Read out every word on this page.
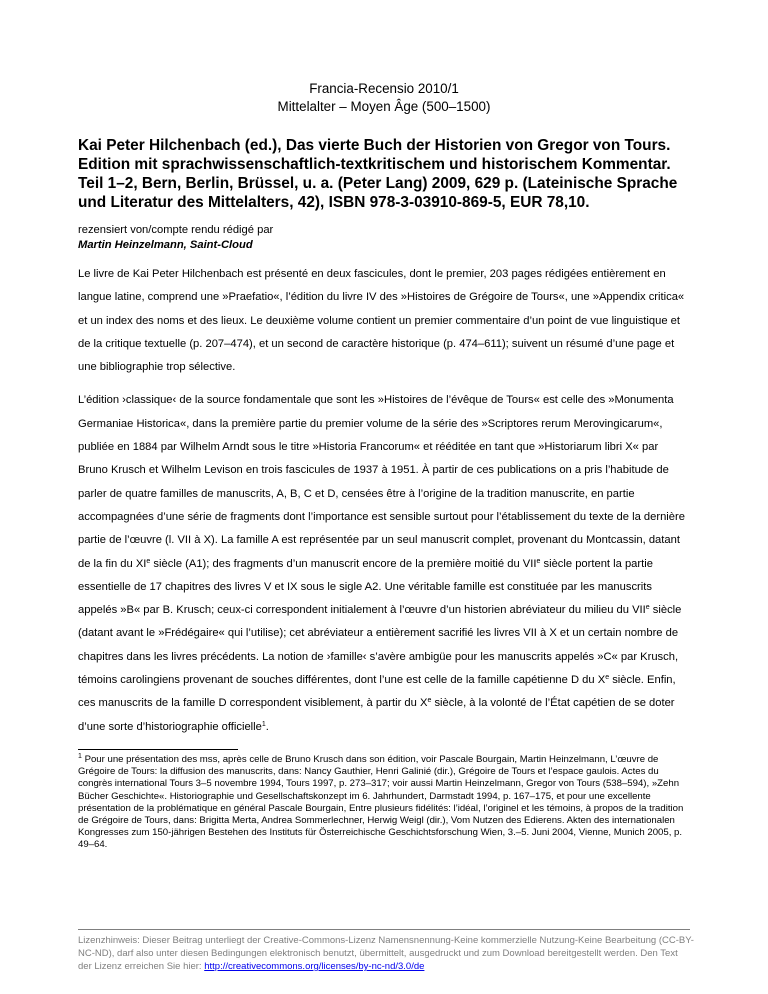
Francia-Recensio 2010/1
Mittelalter – Moyen Âge (500–1500)
Kai Peter Hilchenbach (ed.), Das vierte Buch der Historien von Gregor von Tours. Edition mit sprachwissenschaftlich-textkritischem und historischem Kommentar. Teil 1–2, Bern, Berlin, Brüssel, u. a. (Peter Lang) 2009, 629 p. (Lateinische Sprache und Literatur des Mittelalters, 42), ISBN 978-3-03910-869-5, EUR 78,10.
rezensiert von/compte rendu rédigé par
Martin Heinzelmann, Saint-Cloud
Le livre de Kai Peter Hilchenbach est présenté en deux fascicules, dont le premier, 203 pages rédigées entièrement en langue latine, comprend une »Praefatio«, l’édition du livre IV des »Histoires de Grégoire de Tours«, une »Appendix critica« et un index des noms et des lieux. Le deuxième volume contient un premier commentaire d’un point de vue linguistique et de la critique textuelle (p. 207–474), et un second de caractère historique (p. 474–611); suivent un résumé d’une page et une bibliographie trop sélective.
L’édition ›classique‹ de la source fondamentale que sont les »Histoires de l’évêque de Tours« est celle des »Monumenta Germaniae Historica«, dans la première partie du premier volume de la série des »Scriptores rerum Merovingicarum«, publiée en 1884 par Wilhelm Arndt sous le titre »Historia Francorum« et rééditée en tant que »Historiarum libri X« par Bruno Krusch et Wilhelm Levison en trois fascicules de 1937 à 1951. À partir de ces publications on a pris l’habitude de parler de quatre familles de manuscrits, A, B, C et D, censées être à l’origine de la tradition manuscrite, en partie accompagnées d’une série de fragments dont l’importance est sensible surtout pour l’établissement du texte de la dernière partie de l’œuvre (l. VII à X). La famille A est représentée par un seul manuscrit complet, provenant du Montcassin, datant de la fin du XIe siècle (A1); des fragments d’un manuscrit encore de la première moitié du VIIe siècle portent la partie essentielle de 17 chapitres des livres V et IX sous le sigle A2. Une véritable famille est constituée par les manuscrits appelés »B« par B. Krusch; ceux-ci correspondent initialement à l’œuvre d’un historien abréviateur du milieu du VIIe siècle (datant avant le »Frédégaire« qui l’utilise); cet abréviateur a entièrement sacrifié les livres VII à X et un certain nombre de chapitres dans les livres précédents. La notion de ›famille‹ s’avère ambigüe pour les manuscrits appelés »C« par Krusch, témoins carolingiens provenant de souches différentes, dont l’une est celle de la famille capétienne D du Xe siècle. Enfin, ces manuscrits de la famille D correspondent visiblement, à partir du Xe siècle, à la volonté de l’État capétien de se doter d’une sorte d’historiographie officielle$^1$.
$^1$ Pour une présentation des mss, après celle de Bruno Krusch dans son édition, voir Pascale Bourgain, Martin Heinzelmann, L’œuvre de Grégoire de Tours: la diffusion des manuscrits, dans: Nancy Gauthier, Henri Galinié (dir.), Grégoire de Tours et l’espace gaulois. Actes du congrès international Tours 3–5 novembre 1994, Tours 1997, p. 273–317; voir aussi Martin Heinzelmann, Gregor von Tours (538–594), »Zehn Bücher Geschichte«. Historiographie und Gesellschaftskonzept im 6. Jahrhundert, Darmstadt 1994, p. 167–175, et pour une excellente présentation de la problématique en général Pascale Bourgain, Entre plusieurs fidélités: l’idéal, l’originel et les témoins, à propos de la tradition de Grégoire de Tours, dans: Brigitta Merta, Andrea Sommerlechner, Herwig Weigl (dir.), Vom Nutzen des Edierens. Akten des internationalen Kongresses zum 150-jährigen Bestehen des Instituts für Österreichische Geschichtsforschung Wien, 3.–5. Juni 2004, Vienne, Munich 2005, p. 49–64.
Lizenzhinweis: Dieser Beitrag unterliegt der Creative-Commons-Lizenz Namensnennung-Keine kommerzielle Nutzung-Keine Bearbeitung (CC-BY-NC-ND), darf also unter diesen Bedingungen elektronisch benutzt, übermittelt, ausgedruckt und zum Download bereitgestellt werden. Den Text der Lizenz erreichen Sie hier: http://creativecommons.org/licenses/by-nc-nd/3.0/de
